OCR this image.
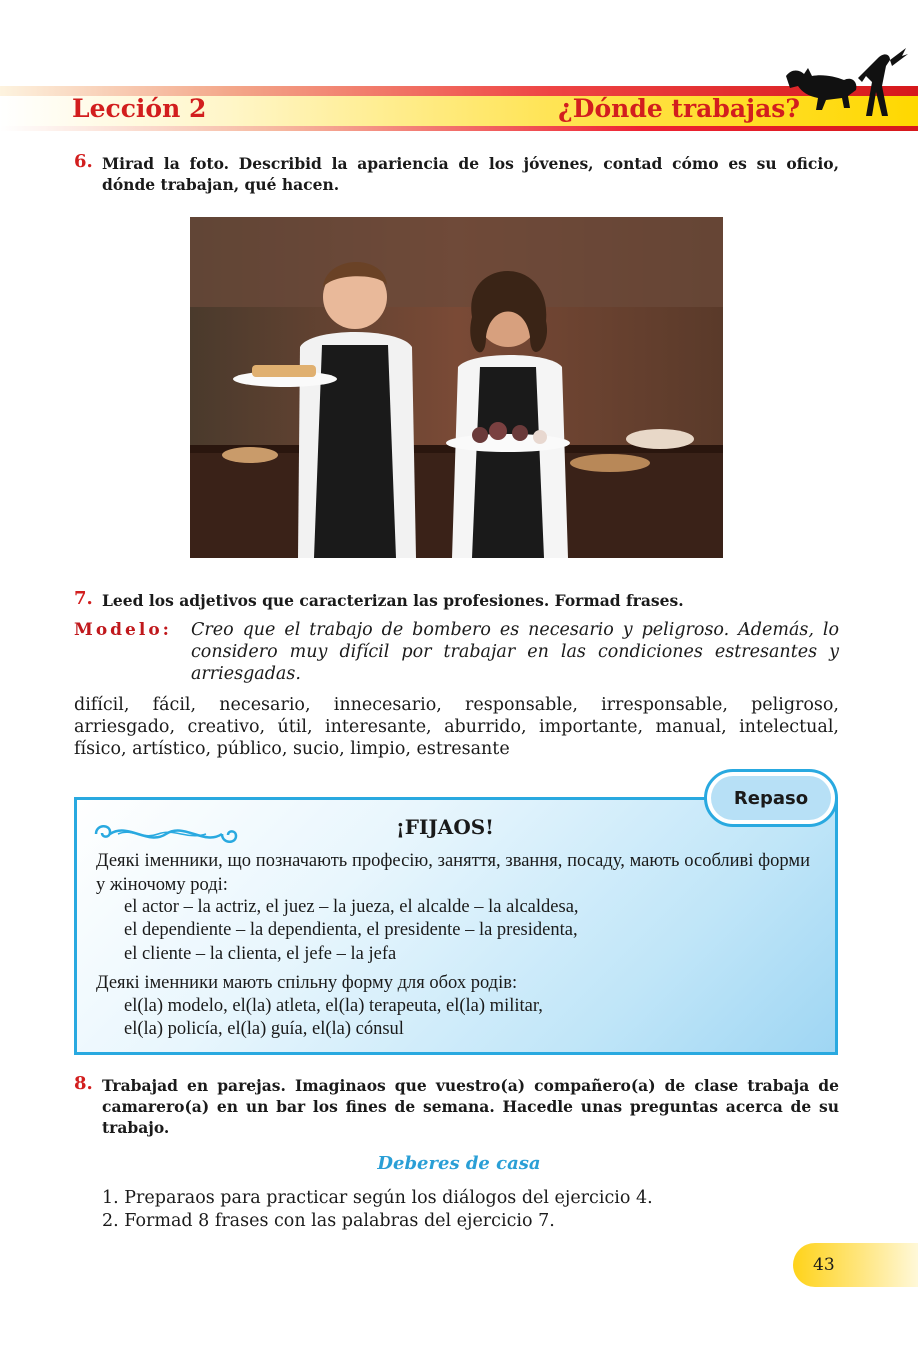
Lección 2	¿Dónde trabajas?
6. Mirad la foto. Describid la apariencia de los jóvenes, contad cómo es su oficio, dónde trabajan, qué hacen.
7. Leed los adjetivos que caracterizan las profesiones. Formad frases.
Modelo: Creo que el trabajo de bombero es necesario y peligroso. Además, lo considero muy difícil por trabajar en las condiciones estresantes y arriesgadas.
difícil, fácil, necesario, innecesario, responsable, irresponsable, peligroso, arriesgado, creativo, útil, interesante, aburrido, importante, manual, intelectual, físico, artístico, público, sucio, limpio, estresante
Repaso
¡FIJAOS!
Деякі іменники, що позначають професію, заняття, звання, посаду, мають особливі форми у жіночому роді:
el actor – la actriz, el juez – la jueza, el alcalde – la alcaldesa,
el dependiente – la dependienta, el presidente – la presidenta,
el cliente – la clienta, el jefe – la jefa
Деякі іменники мають спільну форму для обох родів:
el(la) modelo, el(la) atleta, el(la) terapeuta, el(la) militar,
el(la) policía, el(la) guía, el(la) cónsul
8. Trabajad en parejas. Imaginaos que vuestro(a) compañero(a) de clase trabaja de camarero(a) en un bar los fines de semana. Hacedle unas preguntas acerca de su trabajo.
Deberes de casa
1. Preparaos para practicar según los diálogos del ejercicio 4.
2. Formad 8 frases con las palabras del ejercicio 7.
43
